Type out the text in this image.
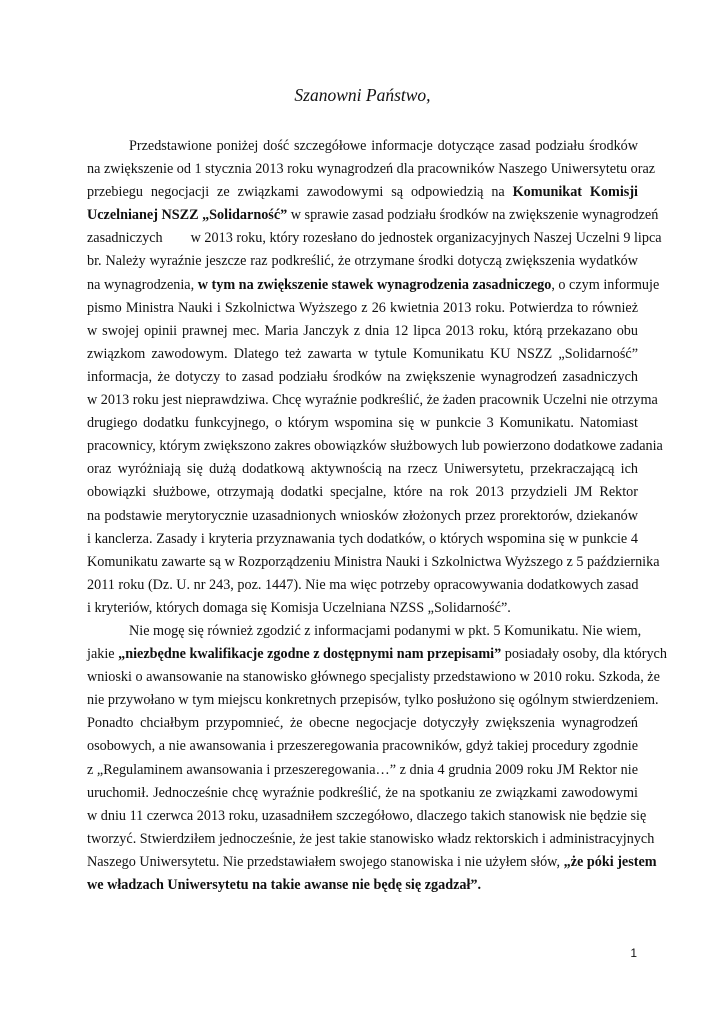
Szanowni Państwo,
Przedstawione poniżej dość szczegółowe informacje dotyczące zasad podziału środków
na zwiększenie od 1 stycznia 2013 roku wynagrodzeń dla pracowników Naszego Uniwersytetu oraz
przebiegu negocjacji ze związkami zawodowymi są odpowiedzią na Komunikat Komisji
Uczelnianej NSZZ „Solidarność” w sprawie zasad podziału środków na zwiększenie wynagrodzeń
zasadniczych w 2013 roku, który rozesłano do jednostek organizacyjnych Naszej Uczelni 9 lipca
br. Należy wyraźnie jeszcze raz podkreślić, że otrzymane środki dotyczą zwiększenia wydatków
na wynagrodzenia, w tym na zwiększenie stawek wynagrodzenia zasadniczego, o czym informuje
pismo Ministra Nauki i Szkolnictwa Wyższego z 26 kwietnia 2013 roku. Potwierdza to również
w swojej opinii prawnej mec. Maria Janczyk z dnia 12 lipca 2013 roku, którą przekazano obu
związkom zawodowym. Dlatego też zawarta w tytule Komunikatu KU NSZZ „Solidarność”
informacja, że dotyczy to zasad podziału środków na zwiększenie wynagrodzeń zasadniczych
w 2013 roku jest nieprawdziwa. Chcę wyraźnie podkreślić, że żaden pracownik Uczelni nie otrzyma
drugiego dodatku funkcyjnego, o którym wspomina się w punkcie 3 Komunikatu. Natomiast
pracownicy, którym zwiększono zakres obowiązków służbowych lub powierzono dodatkowe zadania
oraz wyróżniają się dużą dodatkową aktywnością na rzecz Uniwersytetu, przekraczającą ich
obowiązki służbowe, otrzymają dodatki specjalne, które na rok 2013 przydzieli JM Rektor
na podstawie merytorycznie uzasadnionych wniosków złożonych przez prorektorów, dziekanów
i kanclerza. Zasady i kryteria przyznawania tych dodatków, o których wspomina się w punkcie 4
Komunikatu zawarte są w Rozporządzeniu Ministra Nauki i Szkolnictwa Wyższego z 5 października
2011 roku (Dz. U. nr 243, poz. 1447). Nie ma więc potrzeby opracowywania dodatkowych zasad
i kryteriów, których domaga się Komisja Uczelniana NZSS „Solidarność”.
Nie mogę się również zgodzić z informacjami podanymi w pkt. 5 Komunikatu. Nie wiem,
jakie „niezbędne kwalifikacje zgodne z dostępnymi nam przepisami” posiadały osoby, dla których
wnioski o awansowanie na stanowisko głównego specjalisty przedstawiono w 2010 roku. Szkoda, że
nie przywołano w tym miejscu konkretnych przepisów, tylko posłużono się ogólnym stwierdzeniem.
Ponadto chciałbym przypomnieć, że obecne negocjacje dotyczyły zwiększenia wynagrodzeń
osobowych, a nie awansowania i przeszeregowania pracowników, gdyż takiej procedury zgodnie
z „Regulaminem awansowania i przeszeregowania…” z dnia 4 grudnia 2009 roku JM Rektor nie
uruchomił. Jednocześnie chcę wyraźnie podkreślić, że na spotkaniu ze związkami zawodowymi
w dniu 11 czerwca 2013 roku, uzasadniłem szczegółowo, dlaczego takich stanowisk nie będzie się
tworzyć. Stwierdziłem jednocześnie, że jest takie stanowisko władz rektorskich i administracyjnych
Naszego Uniwersytetu. Nie przedstawiałem swojego stanowiska i nie użyłem słów, „że póki jestem
we władzach Uniwersytetu na takie awanse nie będę się zgadzał”.
1
